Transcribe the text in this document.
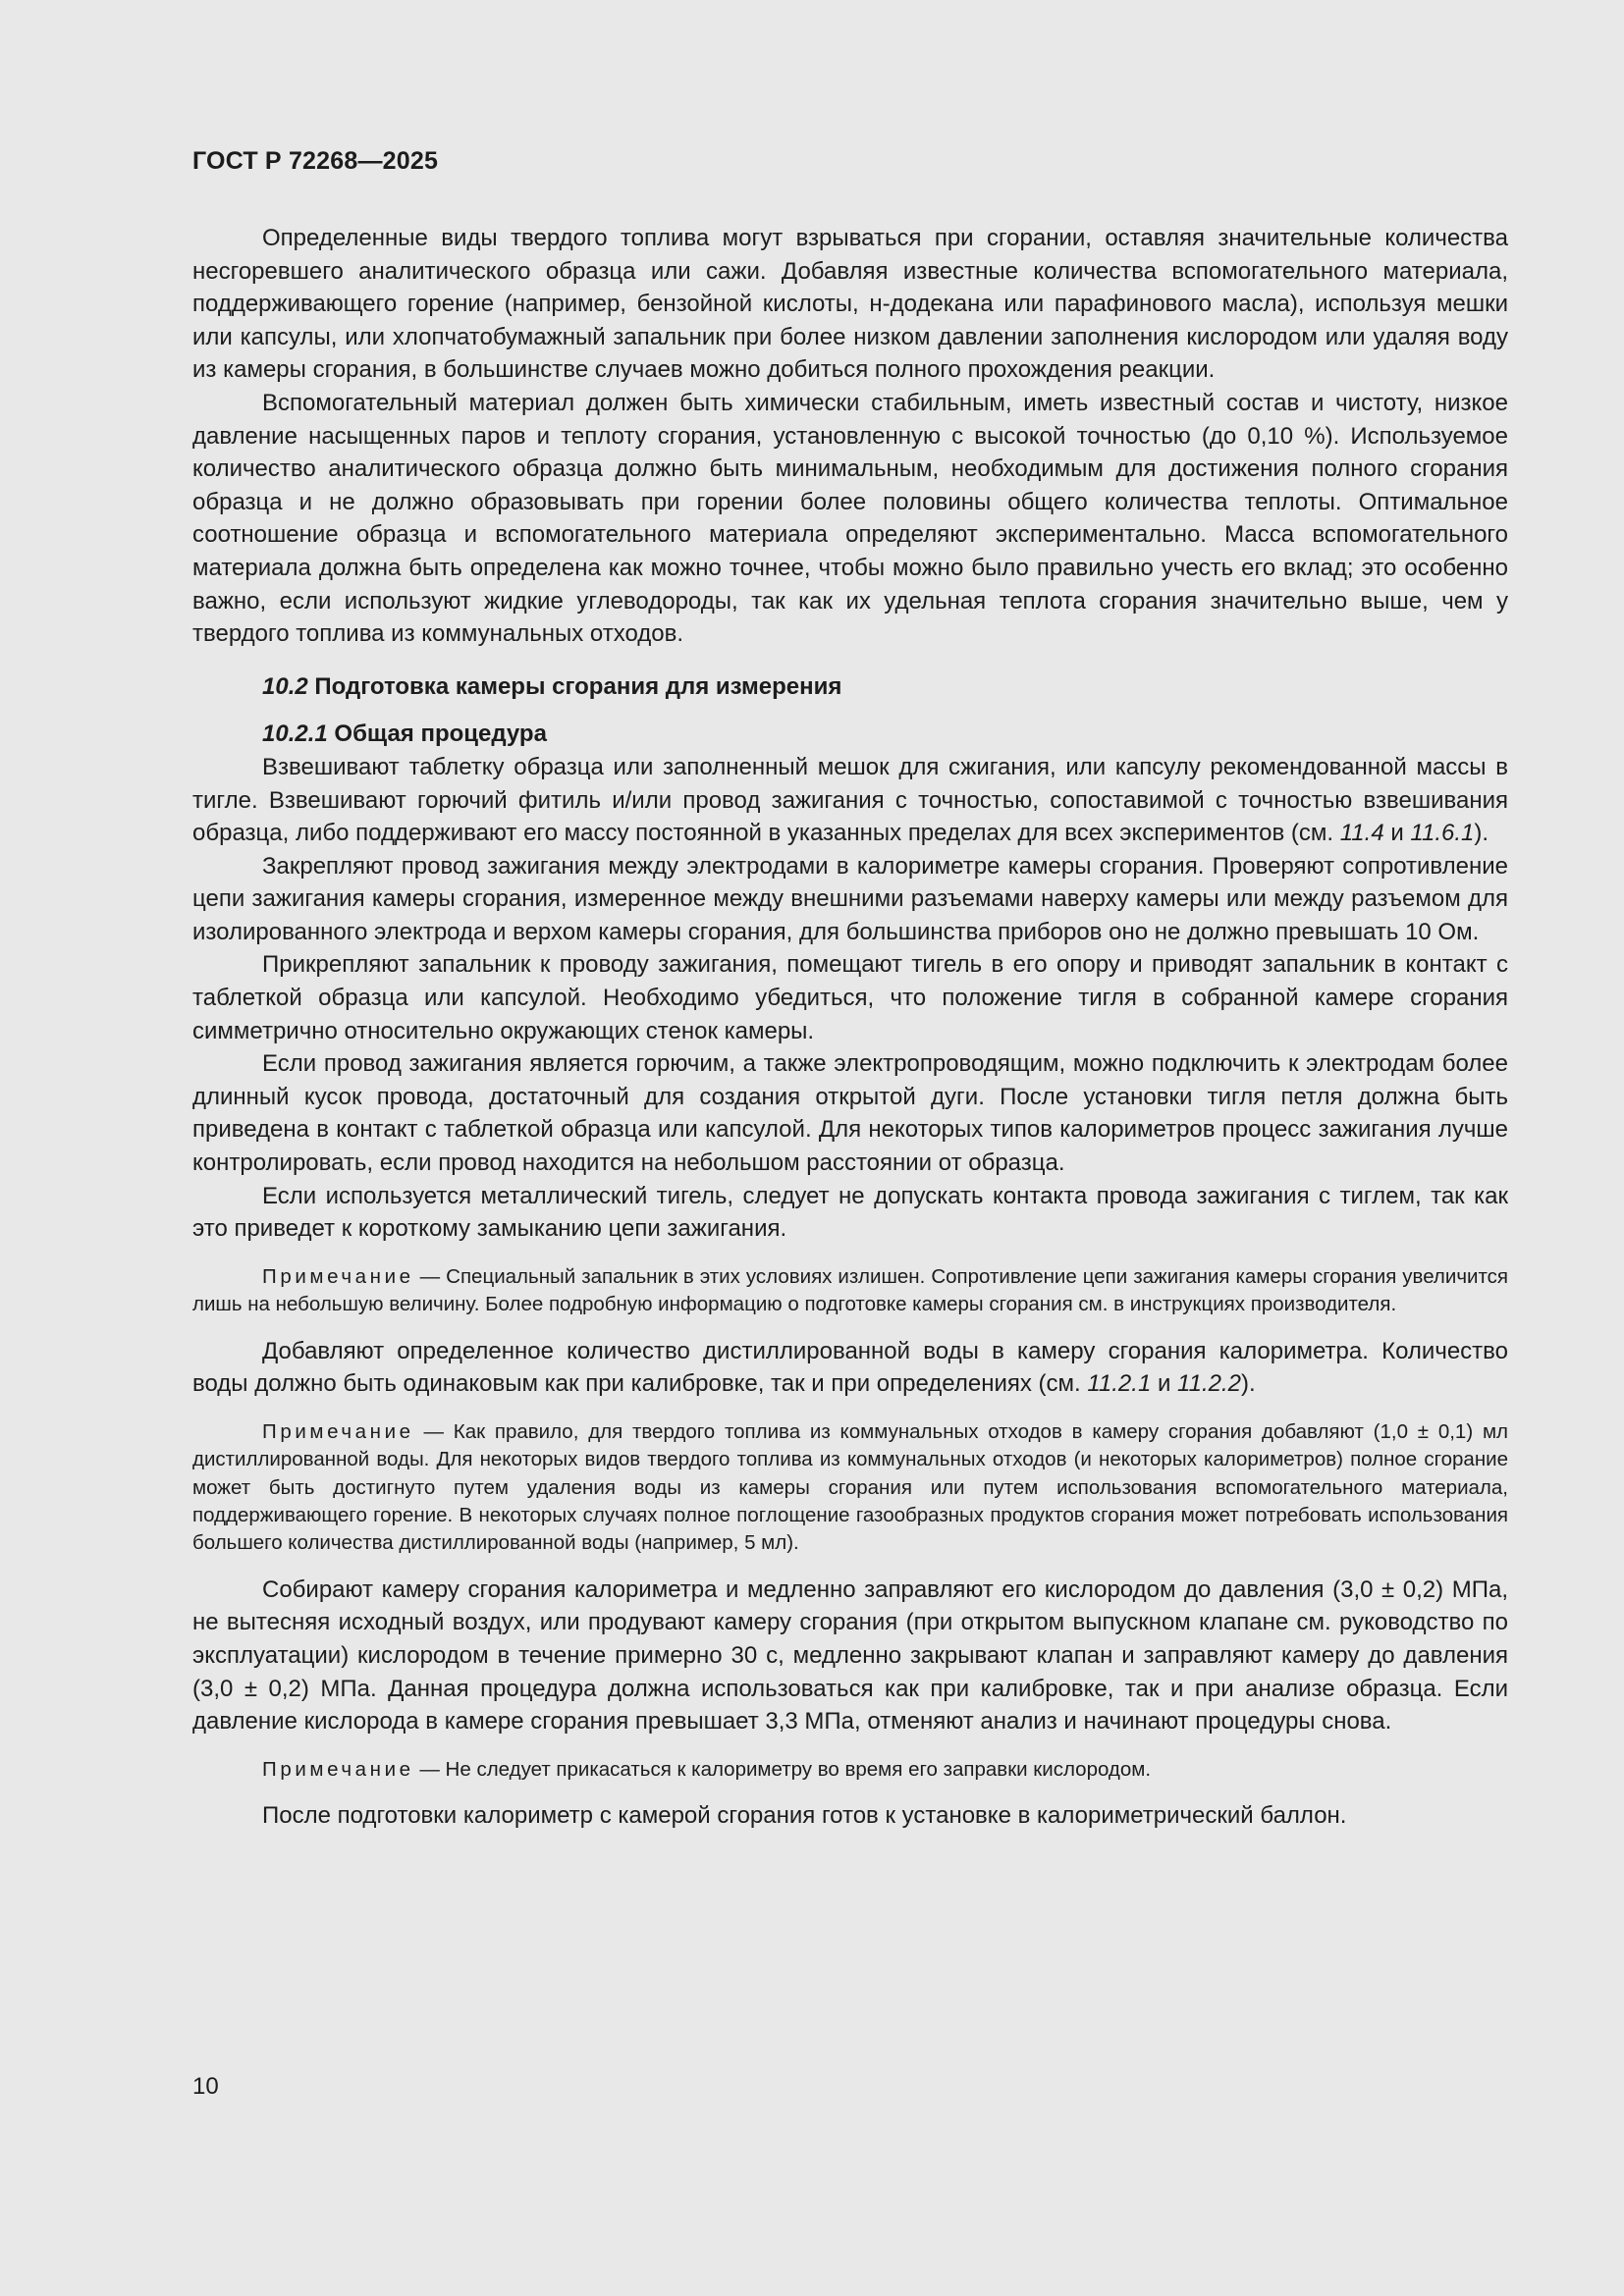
ГОСТ Р 72268—2025

Определенные виды твердого топлива могут взрываться при сгорании, оставляя значительные количества несгоревшего аналитического образца или сажи. Добавляя известные количества вспомогательного материала, поддерживающего горение (например, бензойной кислоты, н-додекана или парафинового масла), используя мешки или капсулы, или хлопчатобумажный запальник при более низком давлении заполнения кислородом или удаляя воду из камеры сгорания, в большинстве случаев можно добиться полного прохождения реакции.

Вспомогательный материал должен быть химически стабильным, иметь известный состав и чистоту, низкое давление насыщенных паров и теплоту сгорания, установленную с высокой точностью (до 0,10 %). Используемое количество аналитического образца должно быть минимальным, необходимым для достижения полного сгорания образца и не должно образовывать при горении более половины общего количества теплоты. Оптимальное соотношение образца и вспомогательного материала определяют экспериментально. Масса вспомогательного материала должна быть определена как можно точнее, чтобы можно было правильно учесть его вклад; это особенно важно, если используют жидкие углеводороды, так как их удельная теплота сгорания значительно выше, чем у твердого топлива из коммунальных отходов.

10.2 Подготовка камеры сгорания для измерения

10.2.1 Общая процедура

Взвешивают таблетку образца или заполненный мешок для сжигания, или капсулу рекомендованной массы в тигле. Взвешивают горючий фитиль и/или провод зажигания с точностью, сопоставимой с точностью взвешивания образца, либо поддерживают его массу постоянной в указанных пределах для всех экспериментов (см. 11.4 и 11.6.1).

Закрепляют провод зажигания между электродами в калориметре камеры сгорания. Проверяют сопротивление цепи зажигания камеры сгорания, измеренное между внешними разъемами наверху камеры или между разъемом для изолированного электрода и верхом камеры сгорания, для большинства приборов оно не должно превышать 10 Ом.

Прикрепляют запальник к проводу зажигания, помещают тигель в его опору и приводят запальник в контакт с таблеткой образца или капсулой. Необходимо убедиться, что положение тигля в собранной камере сгорания симметрично относительно окружающих стенок камеры.

Если провод зажигания является горючим, а также электропроводящим, можно подключить к электродам более длинный кусок провода, достаточный для создания открытой дуги. После установки тигля петля должна быть приведена в контакт с таблеткой образца или капсулой. Для некоторых типов калориметров процесс зажигания лучше контролировать, если провод находится на небольшом расстоянии от образца.

Если используется металлический тигель, следует не допускать контакта провода зажигания с тиглем, так как это приведет к короткому замыканию цепи зажигания.

Примечание — Специальный запальник в этих условиях излишен. Сопротивление цепи зажигания камеры сгорания увеличится лишь на небольшую величину. Более подробную информацию о подготовке камеры сгорания см. в инструкциях производителя.

Добавляют определенное количество дистиллированной воды в камеру сгорания калориметра. Количество воды должно быть одинаковым как при калибровке, так и при определениях (см. 11.2.1 и 11.2.2).

Примечание — Как правило, для твердого топлива из коммунальных отходов в камеру сгорания добавляют (1,0 ± 0,1) мл дистиллированной воды. Для некоторых видов твердого топлива из коммунальных отходов (и некоторых калориметров) полное сгорание может быть достигнуто путем удаления воды из камеры сгорания или путем использования вспомогательного материала, поддерживающего горение. В некоторых случаях полное поглощение газообразных продуктов сгорания может потребовать использования большего количества дистиллированной воды (например, 5 мл).

Собирают камеру сгорания калориметра и медленно заправляют его кислородом до давления (3,0 ± 0,2) МПа, не вытесняя исходный воздух, или продувают камеру сгорания (при открытом выпускном клапане см. руководство по эксплуатации) кислородом в течение примерно 30 с, медленно закрывают клапан и заправляют камеру до давления (3,0 ± 0,2) МПа. Данная процедура должна использоваться как при калибровке, так и при анализе образца. Если давление кислорода в камере сгорания превышает 3,3 МПа, отменяют анализ и начинают процедуры снова.

Примечание — Не следует прикасаться к калориметру во время его заправки кислородом.

После подготовки калориметр с камерой сгорания готов к установке в калориметрический баллон.

10
